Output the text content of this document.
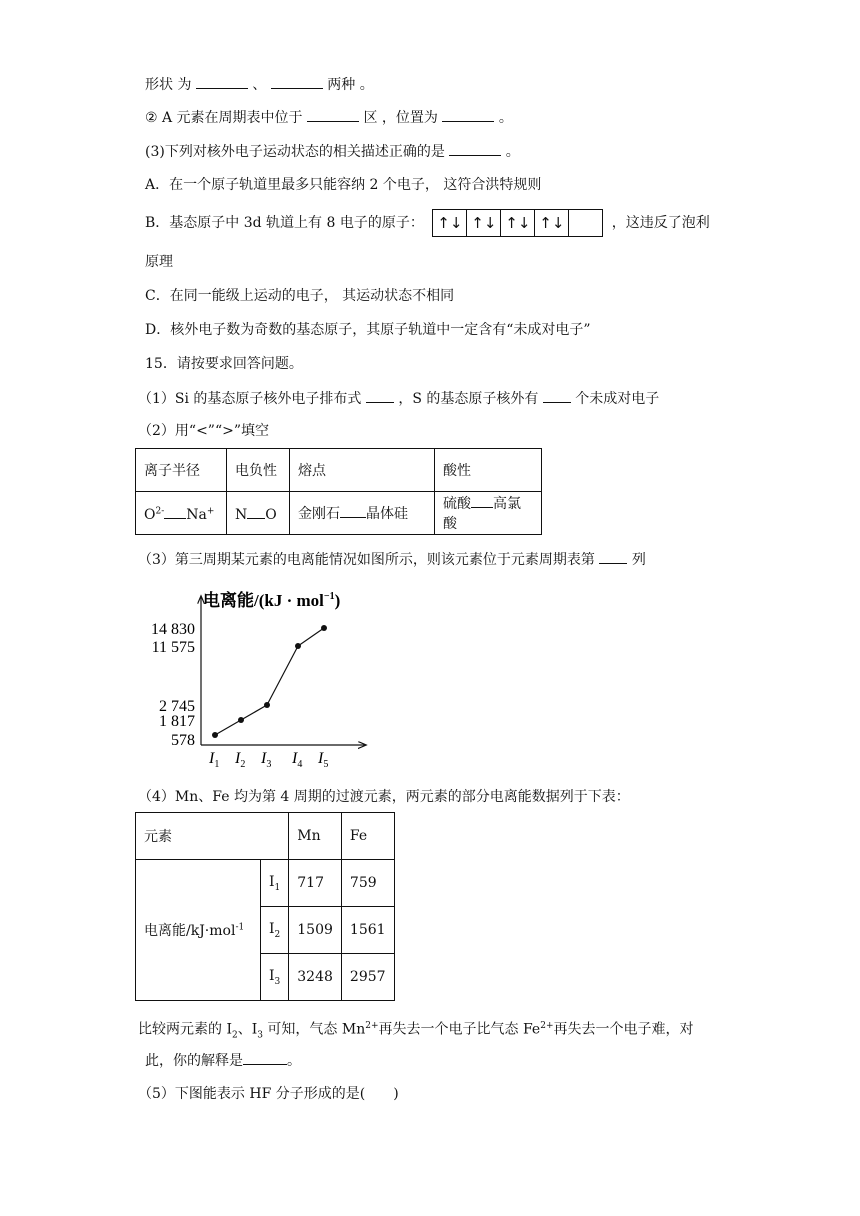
形状 为	、	两种 。
② A 元素在周期表中位于	区 ，位置为	。
(3)下列对核外电子运动状态的相关描述正确的是	。
A．在一个原子轨道里最多只能容纳 2 个电子， 这符合洪特规则
B．基态原子中 3d 轨道上有 8 电子的原子： ↑↓ ↑↓ ↑↓ ↑↓	，这违反了泡利
原理
C．在同一能级上运动的电子， 其运动状态不相同
D．核外电子数为奇数的基态原子，其原子轨道中一定含有“未成对电子”
15．请按要求回答问题。
（1）Si 的基态原子核外电子排布式	，S 的基态原子核外有	个未成对电子
（2）用“<”“>”填空
离子半径	电负性	熔点	酸性
$O^{2-}$ Na+	N O	金刚石 晶体硅	硫酸 高氯酸
（3）第三周期某元素的电离能情况如图所示，则该元素位于元素周期表第	列
电离能/(kJ · mol$^{-1}$)
578
1 817
2 745
11 575
14 830
$I_1$ $I_2$ $I_3$ $I_4$ $I_5$
（4）Mn、Fe 均为第 4 周期的过渡元素，两元素的部分电离能数据列于下表：
元素		Mn	Fe
电离能/kJ·mol$^{-1}$	$I_1$	717	759
	$I_2$	1509	1561
	$I_3$	3248	2957
比较两元素的 $I_2$、$I_3$ 可知，气态 $Mn^{2+}$再失去一个电子比气态 $Fe^{2+}$再失去一个电子难，对
此，你的解释是	。
（5）下图能表示 HF 分子形成的是(　　)
